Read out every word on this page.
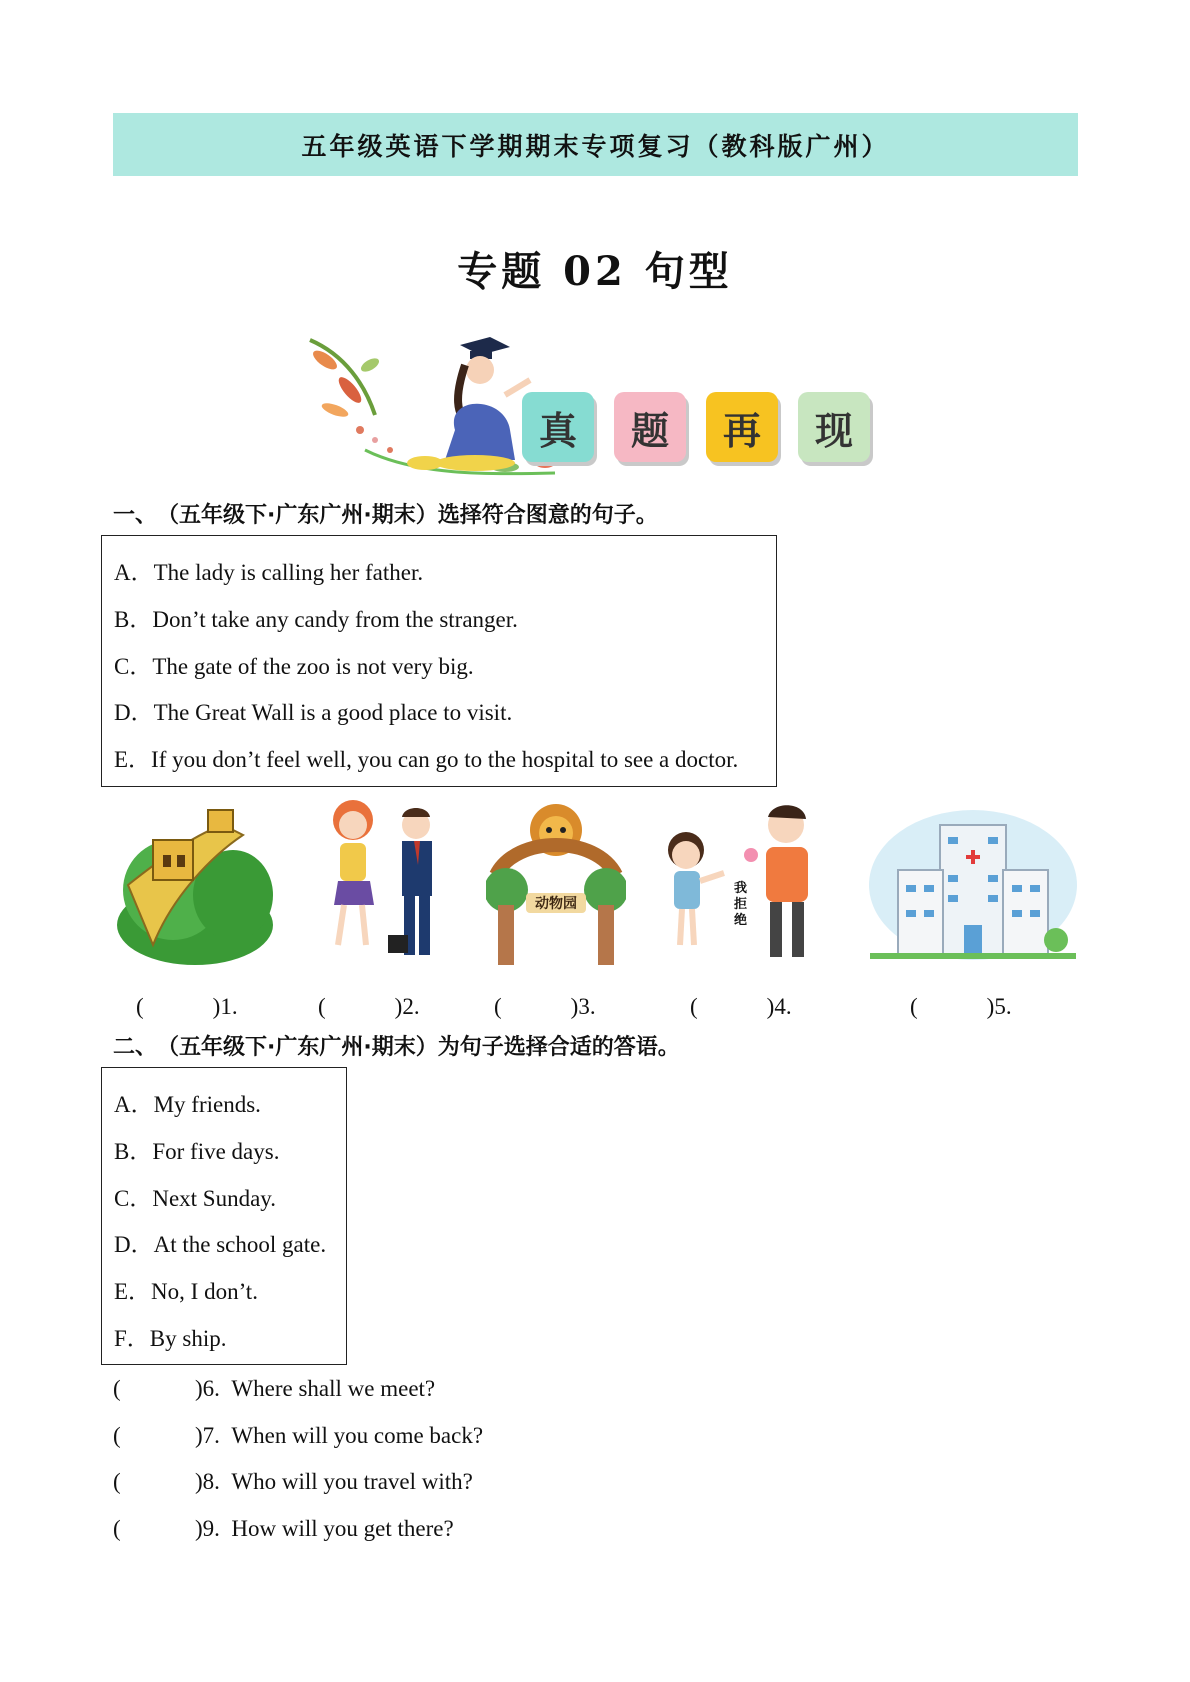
五年级英语下学期期末专项复习（教科版广州）
专题 02 句型
真	题	再	现
一、　（五年级下·广东广州·期末）选择符合图意的句子。
A．The lady is calling her father.
B．Don’t take any candy from the stranger.
C．The gate of the zoo is not very big.
D．The Great Wall is a good place to visit.
E．If you don’t feel well, you can go to the hospital to see a doctor.
动物园
我
拒
绝
(　　　)1.	(　　　)2.	(　　　)3.	(　　　)4.	(　　　)5.
二、　（五年级下·广东广州·期末）为句子选择合适的答语。
A．My friends.
B．For five days.
C．Next Sunday.
D．At the school gate.
E．No, I don’t.
F．By ship.
(	)6. Where shall we meet?
(	)7. When will you come back?
(	)8. Who will you travel with?
(	)9. How will you get there?
